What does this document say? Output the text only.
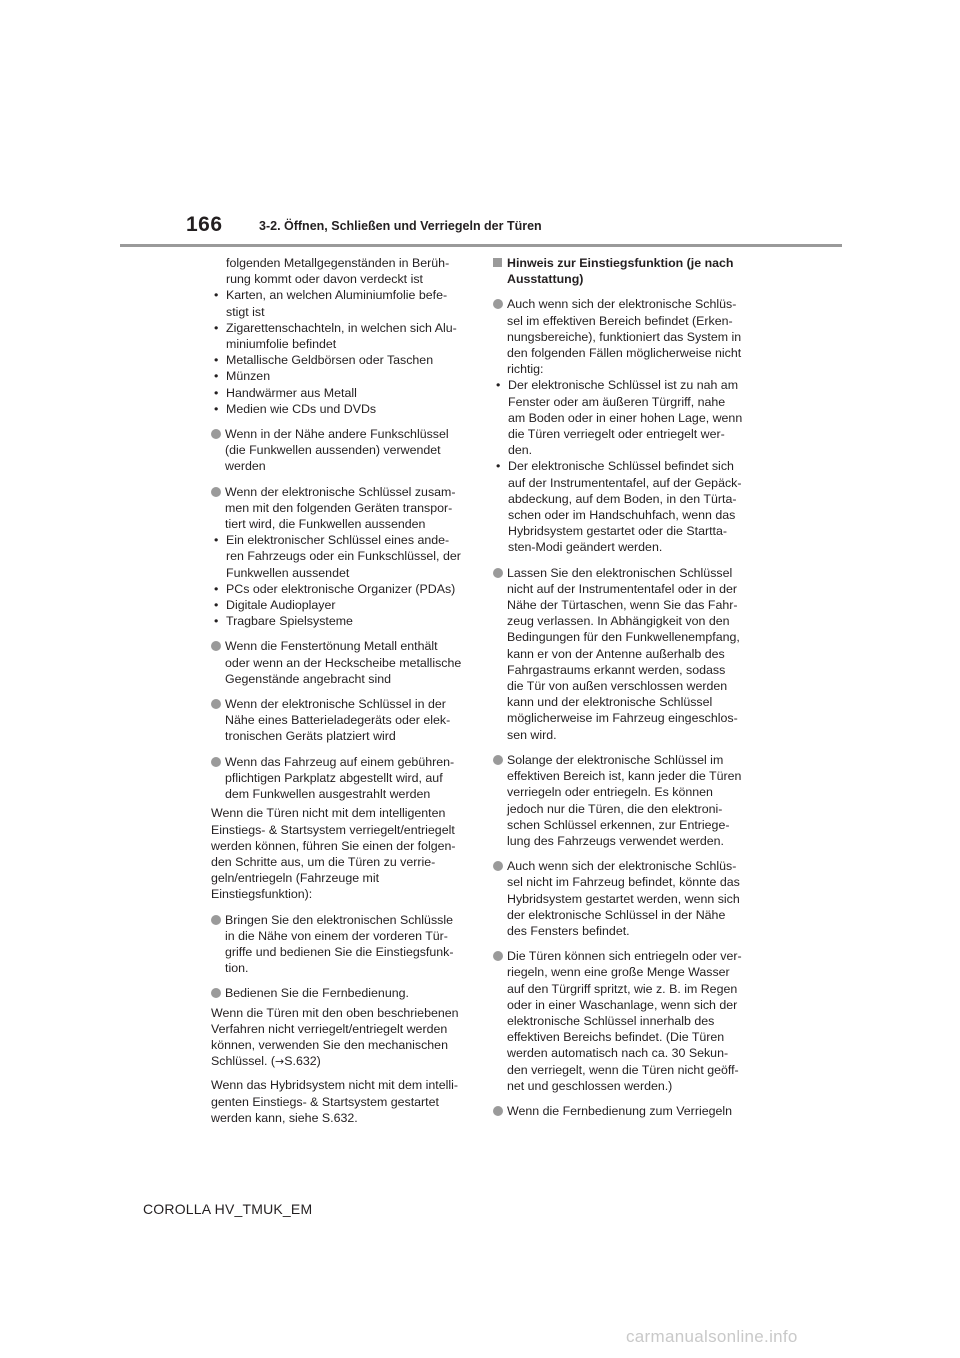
166	3-2. Öffnen, Schließen und Verriegeln der Türen

folgenden Metallgegenständen in Berüh-

rung kommt oder davon verdeckt ist

• Karten, an welchen Aluminiumfolie befe-

stigt ist

• Zigarettenschachteln, in welchen sich Alu-

miniumfolie befindet

• Metallische Geldbörsen oder Taschen

• Münzen

• Handwärmer aus Metall

• Medien wie CDs und DVDs

Wenn in der Nähe andere Funkschlüssel

(die Funkwellen aussenden) verwendet

werden

Wenn der elektronische Schlüssel zusam-

men mit den folgenden Geräten transpor-

tiert wird, die Funkwellen aussenden

• Ein elektronischer Schlüssel eines ande-

ren Fahrzeugs oder ein Funkschlüssel, der

Funkwellen aussendet

• PCs oder elektronische Organizer (PDAs)

• Digitale Audioplayer

• Tragbare Spielsysteme

Wenn die Fenstertönung Metall enthält

oder wenn an der Heckscheibe metallische

Gegenstände angebracht sind

Wenn der elektronische Schlüssel in der

Nähe eines Batterieladegeräts oder elek-

tronischen Geräts platziert wird

Wenn das Fahrzeug auf einem gebühren-

pflichtigen Parkplatz abgestellt wird, auf

dem Funkwellen ausgestrahlt werden

Wenn die Türen nicht mit dem intelligenten

Einstiegs- & Startsystem verriegelt/entriegelt

werden können, führen Sie einen der folgen-

den Schritte aus, um die Türen zu verrie-

geln/entriegeln (Fahrzeuge mit

Einstiegsfunktion):

Bringen Sie den elektronischen Schlüssle

in die Nähe von einem der vorderen Tür-

griffe und bedienen Sie die Einstiegsfunk-

tion.

Bedienen Sie die Fernbedienung.

Wenn die Türen mit den oben beschriebenen

Verfahren nicht verriegelt/entriegelt werden

können, verwenden Sie den mechanischen

Schlüssel. (→S.632)

Wenn das Hybridsystem nicht mit dem intelli-

genten Einstiegs- & Startsystem gestartet

werden kann, siehe S.632.

Hinweis zur Einstiegsfunktion (je nach

Ausstattung)

Auch wenn sich der elektronische Schlüs-

sel im effektiven Bereich befindet (Erken-

nungsbereiche), funktioniert das System in

den folgenden Fällen möglicherweise nicht

richtig:

• Der elektronische Schlüssel ist zu nah am

Fenster oder am äußeren Türgriff, nahe

am Boden oder in einer hohen Lage, wenn

die Türen verriegelt oder entriegelt wer-

den.

• Der elektronische Schlüssel befindet sich

auf der Instrumententafel, auf der Gepäck-

abdeckung, auf dem Boden, in den Türta-

schen oder im Handschuhfach, wenn das

Hybridsystem gestartet oder die Startta-

sten-Modi geändert werden.

Lassen Sie den elektronischen Schlüssel

nicht auf der Instrumententafel oder in der

Nähe der Türtaschen, wenn Sie das Fahr-

zeug verlassen. In Abhängigkeit von den

Bedingungen für den Funkwellenempfang,

kann er von der Antenne außerhalb des

Fahrgastraums erkannt werden, sodass

die Tür von außen verschlossen werden

kann und der elektronische Schlüssel

möglicherweise im Fahrzeug eingeschlos-

sen wird.

Solange der elektronische Schlüssel im

effektiven Bereich ist, kann jeder die Türen

verriegeln oder entriegeln. Es können

jedoch nur die Türen, die den elektroni-

schen Schlüssel erkennen, zur Entriege-

lung des Fahrzeugs verwendet werden.

Auch wenn sich der elektronische Schlüs-

sel nicht im Fahrzeug befindet, könnte das

Hybridsystem gestartet werden, wenn sich

der elektronische Schlüssel in der Nähe

des Fensters befindet.

Die Türen können sich entriegeln oder ver-

riegeln, wenn eine große Menge Wasser

auf den Türgriff spritzt, wie z. B. im Regen

oder in einer Waschanlage, wenn sich der

elektronische Schlüssel innerhalb des

effektiven Bereichs befindet. (Die Türen

werden automatisch nach ca. 30 Sekun-

den verriegelt, wenn die Türen nicht geöff-

net und geschlossen werden.)

Wenn die Fernbedienung zum Verriegeln

COROLLA HV_TMUK_EM
carmanualsonline.info
